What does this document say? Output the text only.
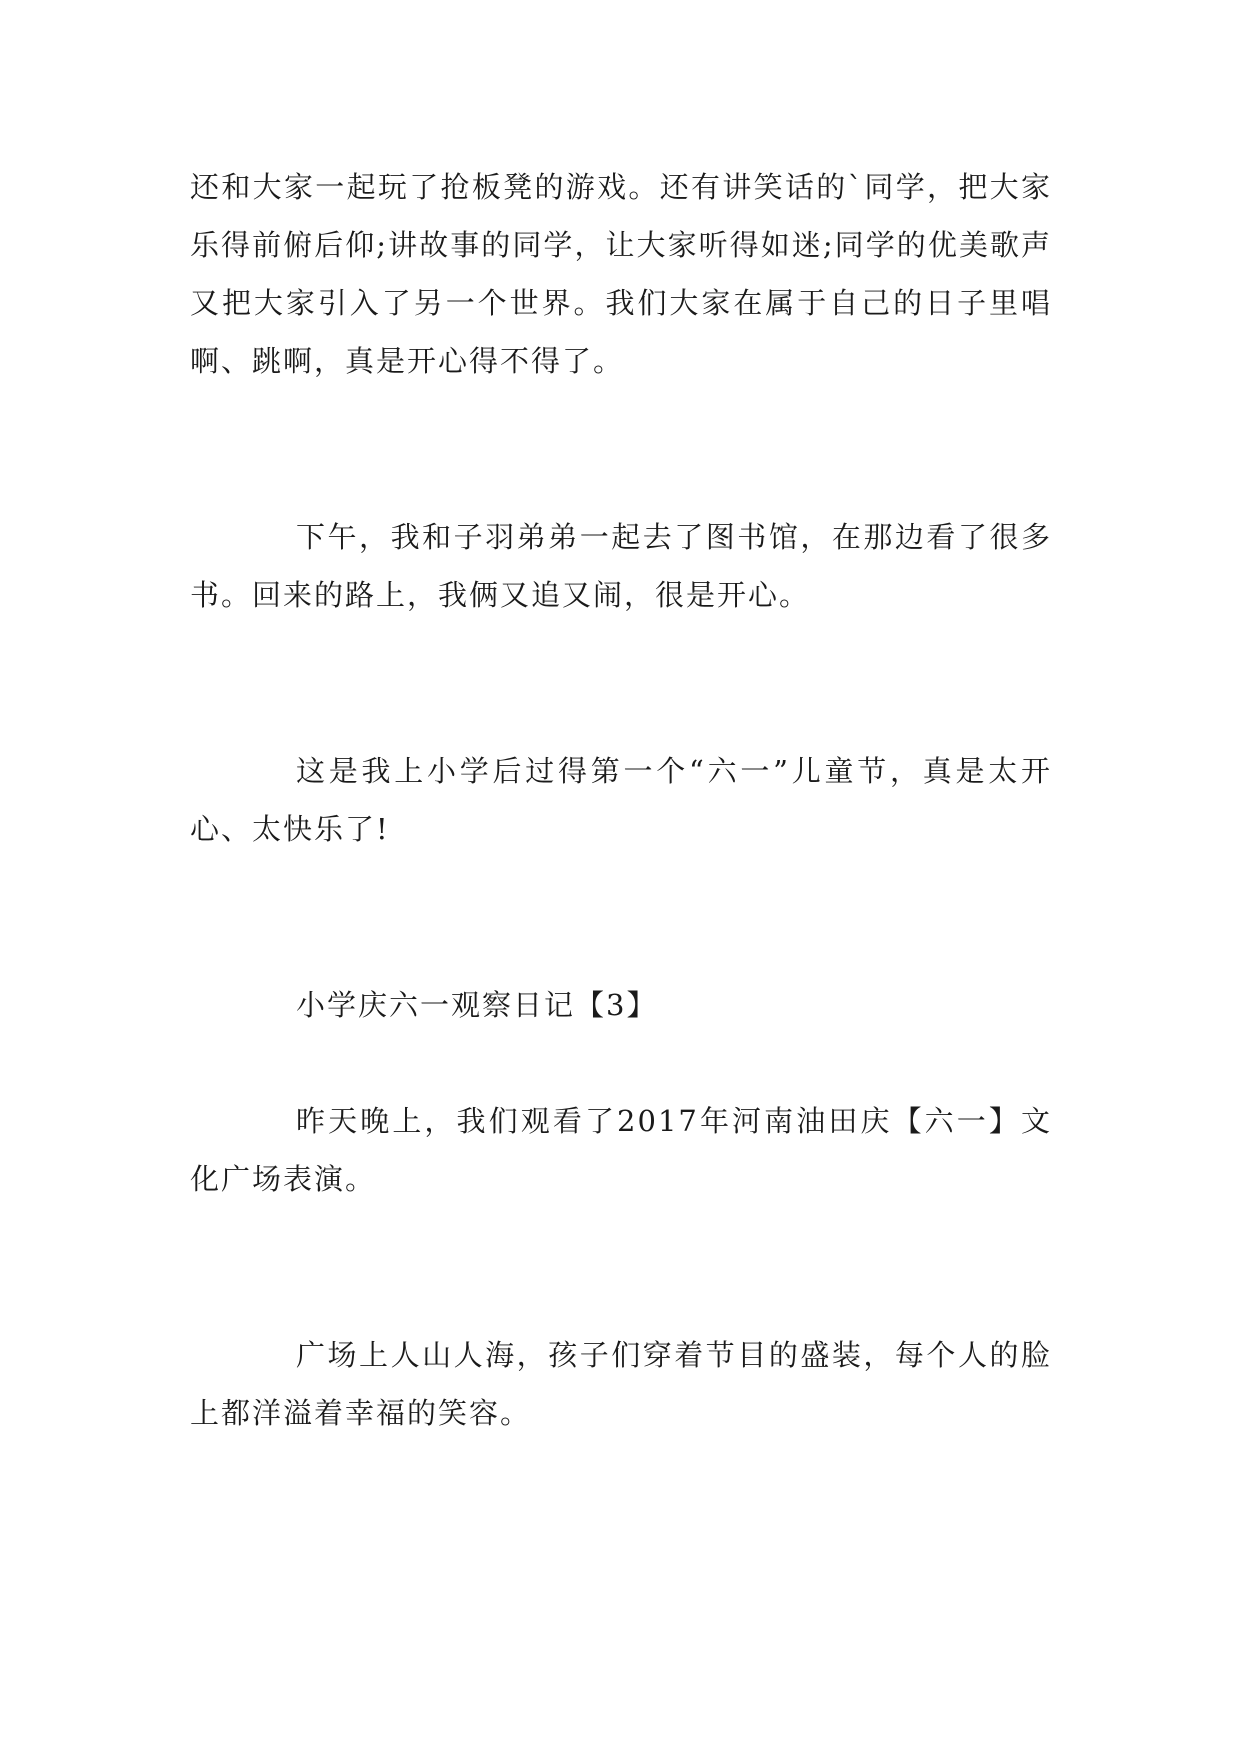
还和大家一起玩了抢板凳的游戏。还有讲笑话的`同学，把大家乐得前俯后仰;讲故事的同学，让大家听得如迷;同学的优美歌声又把大家引入了另一个世界。我们大家在属于自己的日子里唱啊、跳啊，真是开心得不得了。

下午，我和子羽弟弟一起去了图书馆，在那边看了很多书。回来的路上，我俩又追又闹，很是开心。

这是我上小学后过得第一个“六一”儿童节，真是太开心、太快乐了!

小学庆六一观察日记【3】

昨天晚上，我们观看了2017年河南油田庆【六一】文化广场表演。

广场上人山人海，孩子们穿着节目的盛装，每个人的脸上都洋溢着幸福的笑容。
